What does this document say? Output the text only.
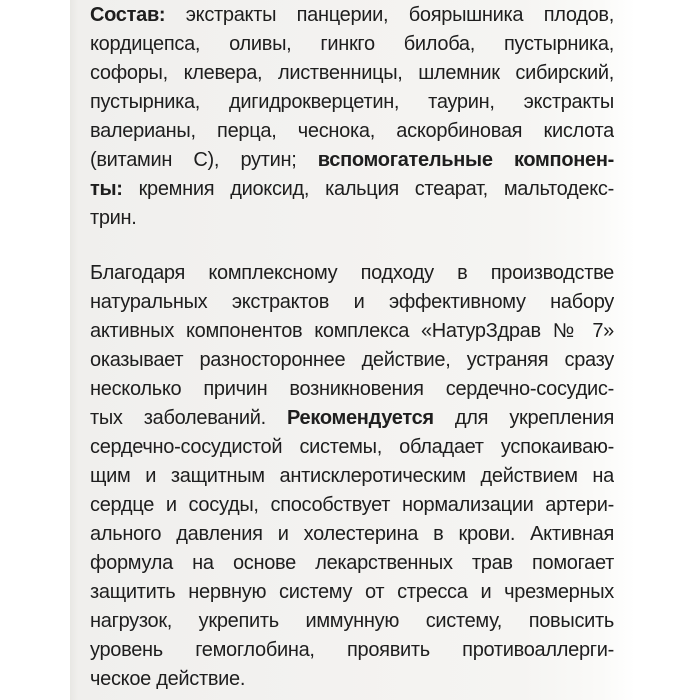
Состав: экстракты панцерии, боярышника плодов,
кордицепса, оливы, гинкго билоба, пустырника,
софоры, клевера, лиственницы, шлемник сибирский,
пустырника, дигидрокверцетин, таурин, экстракты
валерианы, перца, чеснока, аскорбиновая кислота
(витамин С), рутин; вспомогательные компонен-
ты: кремния диоксид, кальция стеарат, мальтодекс-
трин.
Благодаря комплексному подходу в производстве
натуральных экстрактов и эффективному набору
активных компонентов комплекса «НатурЗдрав № 7»
оказывает разностороннее действие, устраняя сразу
несколько причин возникновения сердечно-сосудис-
тых заболеваний. Рекомендуется для укрепления
сердечно-сосудистой системы, обладает успокаиваю-
щим и защитным антисклеротическим действием на
сердце и сосуды, способствует нормализации артери-
ального давления и холестерина в крови. Активная
формула на основе лекарственных трав помогает
защитить нервную систему от стресса и чрезмерных
нагрузок, укрепить иммунную систему, повысить
уровень гемоглобина, проявить противоаллерги-
ческое действие.
